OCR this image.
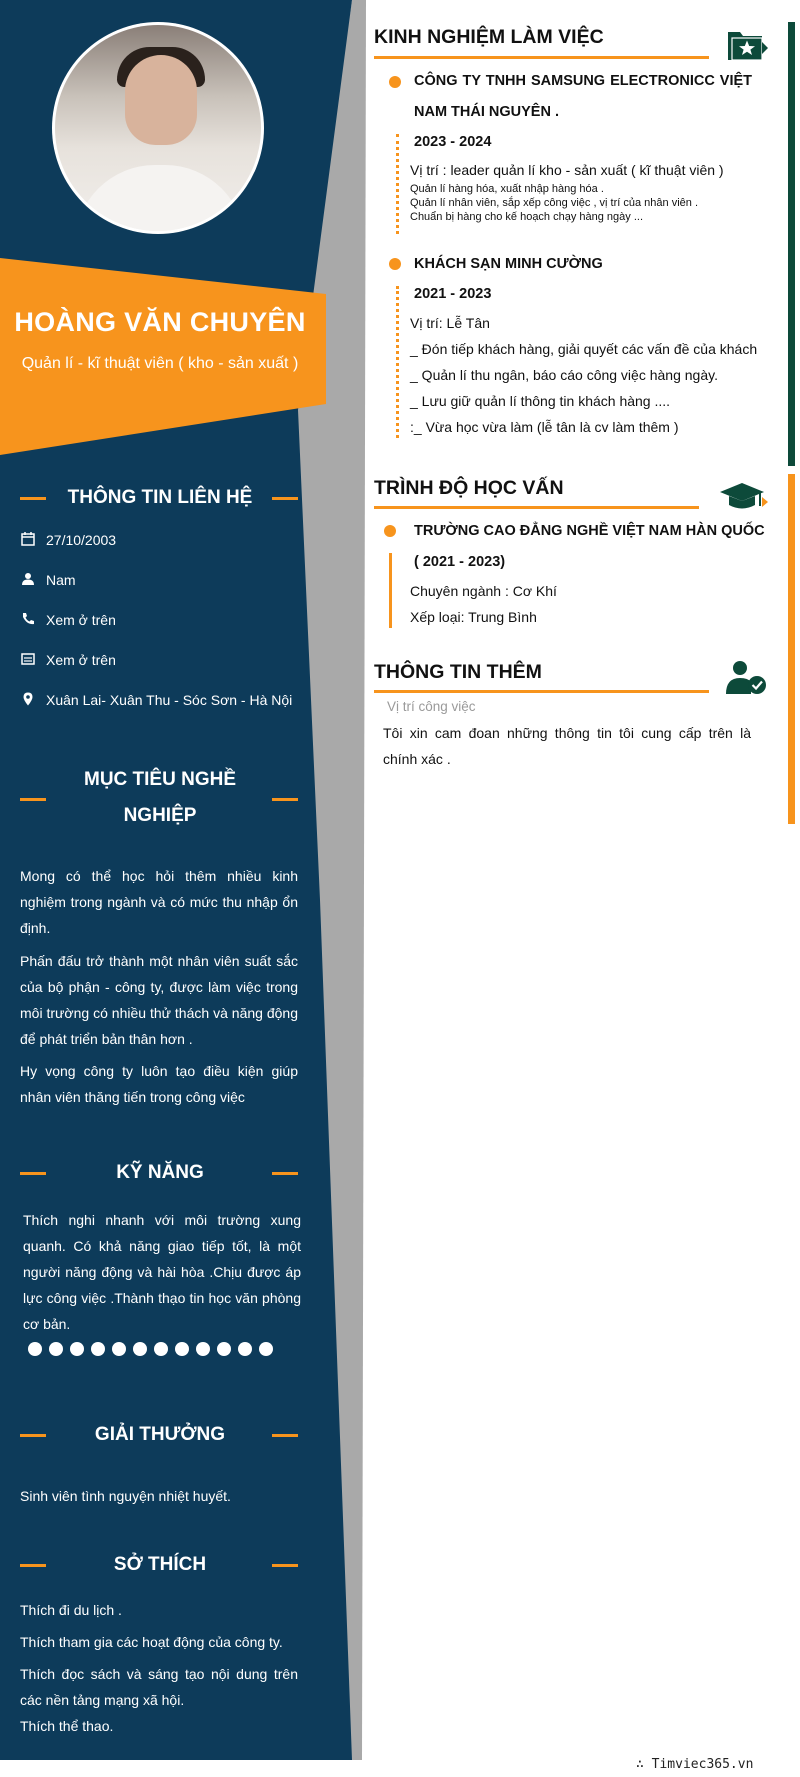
HOÀNG VĂN CHUYÊN
Quản lí - kĩ thuật viên ( kho - sản xuất )
THÔNG TIN LIÊN HỆ
27/10/2003
Nam
Xem ở trên
Xem ở trên
Xuân Lai- Xuân Thu - Sóc Sơn - Hà Nội
MỤC TIÊU NGHỀ
NGHIỆP
Mong có thể học hỏi thêm nhiều kinh nghiệm trong ngành và có mức thu nhập ổn định.
Phấn đấu trở thành một nhân viên suất sắc của bộ phận - công ty, được làm việc trong môi trường có nhiều thử thách và năng động để phát triển bản thân hơn .
Hy vọng công ty luôn tạo điều kiện giúp nhân viên thăng tiến trong công việc
KỸ NĂNG
Thích nghi nhanh với môi trường xung quanh. Có khả năng giao tiếp tốt, là một người năng động và hài hòa .Chịu được áp lực công việc .Thành thạo tin học văn phòng cơ bản.
GIẢI THƯỞNG
Sinh viên tình nguyện nhiệt huyết.
SỞ THÍCH
Thích đi du lịch .
Thích tham gia các hoạt động của công ty.
Thích đọc sách và sáng tạo nội dung trên các nền tảng mạng xã hội.
Thích thể thao.
KINH NGHIỆM LÀM VIỆC
CÔNG TY TNHH SAMSUNG ELECTRONICC VIỆT NAM THÁI NGUYÊN .
2023 - 2024
Vị trí : leader quản lí kho - sản xuất ( kĩ thuật viên )
Quản lí hàng hóa, xuất nhập hàng hóa .
Quản lí nhân viên, sắp xếp công việc , vị trí của nhân viên .
Chuẩn bị hàng cho kế hoạch chạy hàng ngày ...
KHÁCH SẠN MINH CƯỜNG
2021 - 2023
Vị trí: Lễ Tân
_ Đón tiếp khách hàng, giải quyết các vấn đề của khách
_ Quản lí thu ngân, báo cáo công việc hàng ngày.
_ Lưu giữ quản lí thông tin khách hàng ....
:_ Vừa học vừa làm (lễ tân là cv làm thêm )
TRÌNH ĐỘ HỌC VẤN
TRƯỜNG CAO ĐẲNG NGHỀ VIỆT NAM HÀN QUỐC
( 2021 - 2023)
Chuyên ngành : Cơ Khí
Xếp loại: Trung Bình
THÔNG TIN THÊM
Vị trí công việc
Tôi xin cam đoan những thông tin tôi cung cấp trên là chính xác .
∴ Timviec365.vn
